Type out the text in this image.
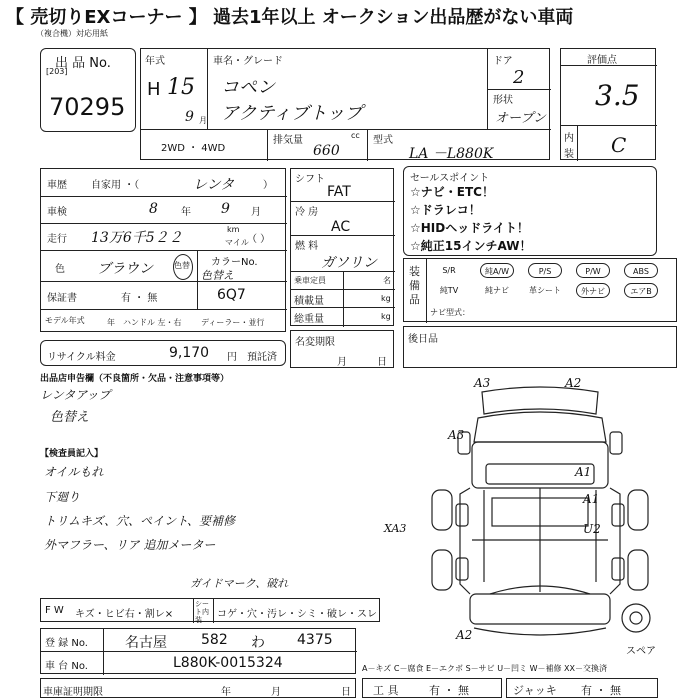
【 売切りEXコーナー 】 過去1年以上 オークション出品歴がない車両
（複合機）対応用紙
出 品 No.
[203]
70295
年式
H 15
9 月
車名・グレード
コペン
アクティブトップ
ドア
2
形状
オープン
2WD ・ 4WD
排気量	cc
660
型式
LA －L880K
評価点
3.5
内
装 C
車歴 自家用 ・（	レンタ	）
車検	8 年 9 月
走行 13万6千5２２
km
マイル
（ ）
色 ブラウン	色替 カラーNo.
色替え
保証書	有 ・ 無	6Q7
モデル年式	年 ハンドル 左・右 ディーラー・並行
シフト
FAT
冷 房
AC
燃 料
ガソリン
乗車定員	名
積載量	kg
総重量	kg
セールスポイント
☆ナビ・ETC！
☆ドラレコ！
☆HIDヘッドライト！
☆純正15インチAW！
装備品
S/R	純A/W	P/S	P/W	ABS
純TV	純ナビ	革シート	外ナビ	エアB
ナビ型式：
リサイクル料金	9,170 円 預託済
名変期限
月	日
後日品
出品店申告欄（不良箇所・欠品・注意事項等）
レンタアップ
色替え
【検査員記入】
オイルもれ
下廻り
トリムキズ、穴、ペイント、要補修
外マフラー、リア 追加メーター
ガイドマーク、破れ
A3	A2
A3
A1
A1
U2
XA3
A2
スペア
F W キズ・ヒビ右・割レ×
シート内装	コゲ・穴・汚レ・シミ・破レ・スレ
登 録 No.	名古屋 582 わ 4375
車 台 No.	L880K-0015324	A－キズ C－腐食 E－エクボ S－サビ U－凹ミ W－補修 XX－交換済
車庫証明期限	年	月	日 工 具	有 ・ 無	ジャッキ 有 ・ 無
